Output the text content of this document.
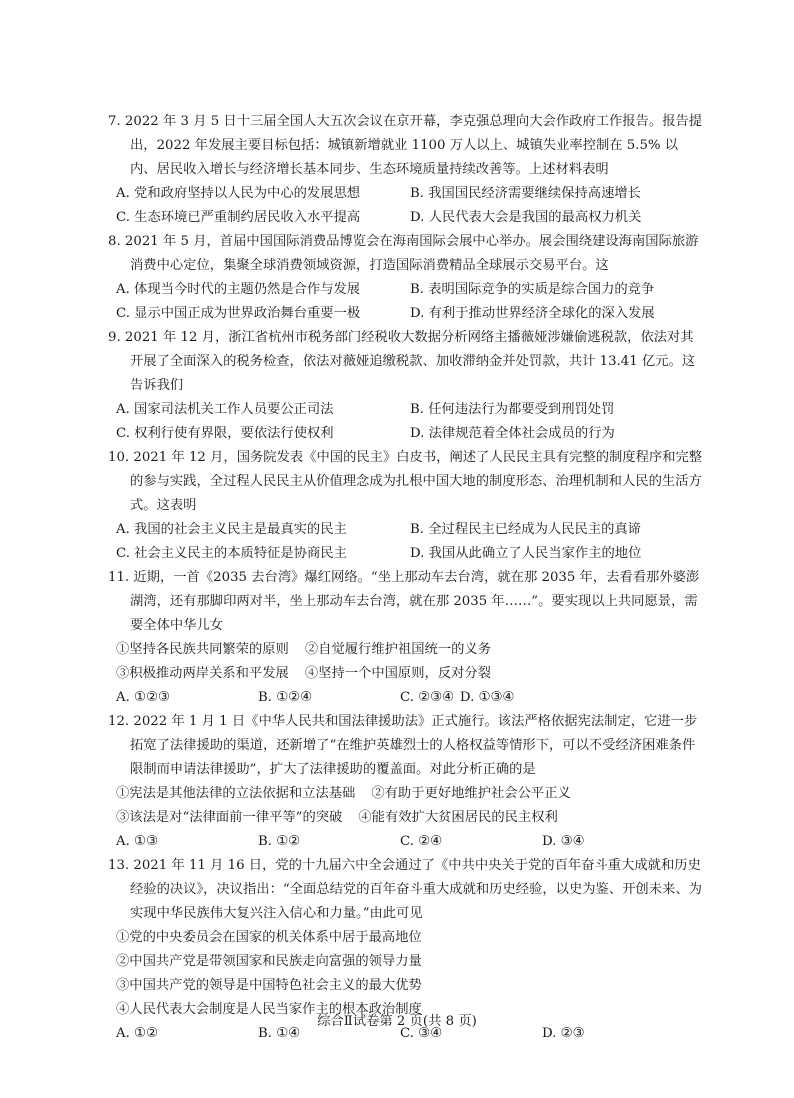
7. 2022 年 3 月 5 日十三届全国人大五次会议在京开幕，李克强总理向大会作政府工作报告。报告提出，2022 年发展主要目标包括：城镇新增就业 1100 万人以上、城镇失业率控制在 5.5% 以内、居民收入增长与经济增长基本同步、生态环境质量持续改善等。上述材料表明

A. 党和政府坚持以人民为中心的发展思想	B. 我国国民经济需要继续保持高速增长
C. 生态环境已严重制约居民收入水平提高	D. 人民代表大会是我国的最高权力机关

8. 2021 年 5 月，首届中国国际消费品博览会在海南国际会展中心举办。展会围绕建设海南国际旅游消费中心定位，集聚全球消费领域资源，打造国际消费精品全球展示交易平台。这

A. 体现当今时代的主题仍然是合作与发展	B. 表明国际竞争的实质是综合国力的竞争
C. 显示中国正成为世界政治舞台重要一极	D. 有利于推动世界经济全球化的深入发展

9. 2021 年 12 月，浙江省杭州市税务部门经税收大数据分析网络主播薇娅涉嫌偷逃税款，依法对其开展了全面深入的税务检查，依法对薇娅追缴税款、加收滞纳金并处罚款，共计 13.41 亿元。这告诉我们

A. 国家司法机关工作人员要公正司法	B. 任何违法行为都要受到刑罚处罚
C. 权利行使有界限，要依法行使权利	D. 法律规范着全体社会成员的行为

10. 2021 年 12 月，国务院发表《中国的民主》白皮书，阐述了人民民主具有完整的制度程序和完整的参与实践，全过程人民民主从价值理念成为扎根中国大地的制度形态、治理机制和人民的生活方式。这表明

A. 我国的社会主义民主是最真实的民主	B. 全过程民主已经成为人民民主的真谛
C. 社会主义民主的本质特征是协商民主	D. 我国从此确立了人民当家作主的地位

11. 近期，一首《2035 去台湾》爆红网络。“坐上那动车去台湾，就在那 2035 年，去看看那外婆澎湖湾，还有那脚印两对半，坐上那动车去台湾，就在那 2035 年……”。要实现以上共同愿景，需要全体中华儿女

①坚持各民族共同繁荣的原则 ②自觉履行维护祖国统一的义务
③积极推动两岸关系和平发展 ④坚持一个中国原则，反对分裂
A. ①②③	B. ①②④	C. ②③④ D. ①③④

12. 2022 年 1 月 1 日《中华人民共和国法律援助法》正式施行。该法严格依据宪法制定，它进一步拓宽了法律援助的渠道，还新增了“在维护英雄烈士的人格权益等情形下，可以不受经济困难条件限制而申请法律援助”，扩大了法律援助的覆盖面。对此分析正确的是

①宪法是其他法律的立法依据和立法基础 ②有助于更好地维护社会公平正义
③该法是对“法律面前一律平等”的突破 ④能有效扩大贫困居民的民主权利
A. ①③	B. ①②	C. ②④	D. ③④

13. 2021 年 11 月 16 日，党的十九届六中全会通过了《中共中央关于党的百年奋斗重大成就和历史经验的决议》，决议指出：“全面总结党的百年奋斗重大成就和历史经验，以史为鉴、开创未来、为实现中华民族伟大复兴注入信心和力量。”由此可见

①党的中央委员会在国家的机关体系中居于最高地位
②中国共产党是带领国家和民族走向富强的领导力量
③中国共产党的领导是中国特色社会主义的最大优势
④人民代表大会制度是人民当家作主的根本政治制度
A. ①②	B. ①④	C. ③④	D. ②③
综合Ⅱ试卷第 2 页(共 8 页)
